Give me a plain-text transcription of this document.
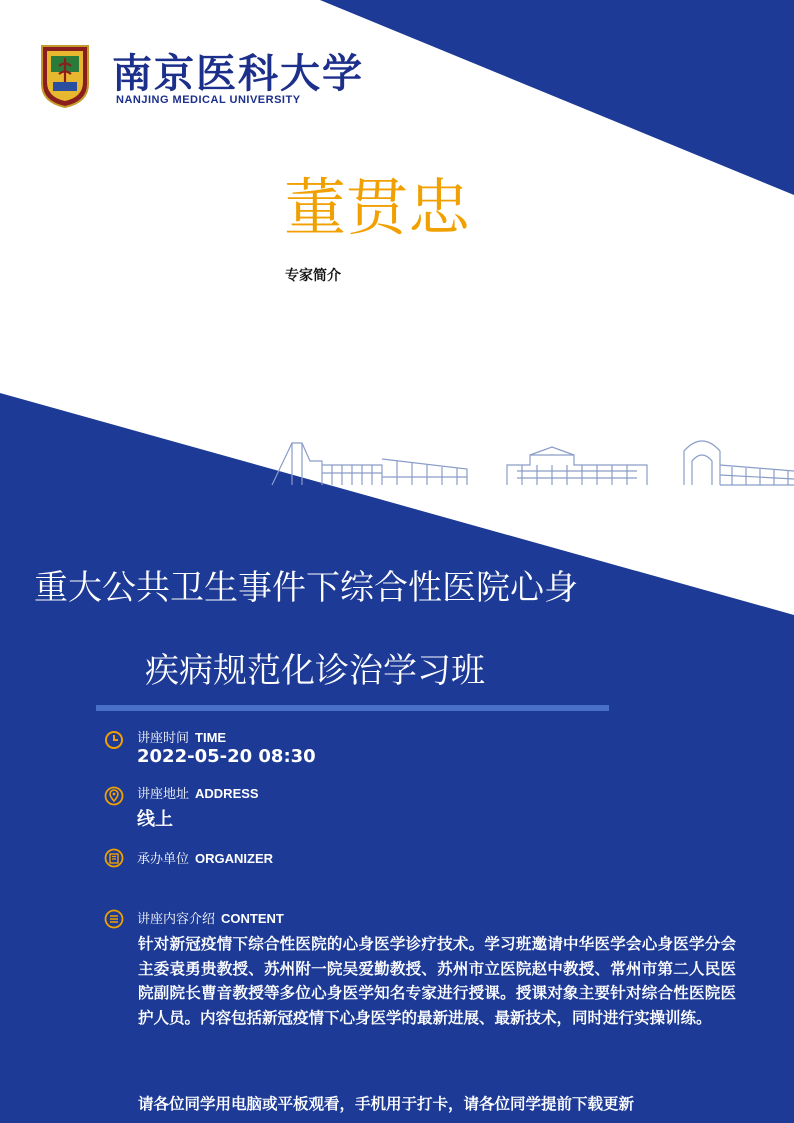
南京医科大学
NANJING MEDICAL UNIVERSITY
董贯忠
专家简介
重大公共卫生事件下综合性医院心身
疾病规范化诊治学习班
讲座时间 TIME
2022-05-20 08:30
讲座地址 ADDRESS
线上
承办单位 ORGANIZER
讲座内容介绍 CONTENT
针对新冠疫情下综合性医院的心身医学诊疗技术。学习班邀请中华医学会心身医学分会主委袁勇贵教授、苏州附一院吴爱勤教授、苏州市立医院赵中教授、常州市第二人民医院副院长曹音教授等多位心身医学知名专家进行授课。授课对象主要针对综合性医院医护人员。内容包括新冠疫情下心身医学的最新进展、最新技术，同时进行实操训练。
请各位同学用电脑或平板观看，手机用于打卡，请各位同学提前下载更新
